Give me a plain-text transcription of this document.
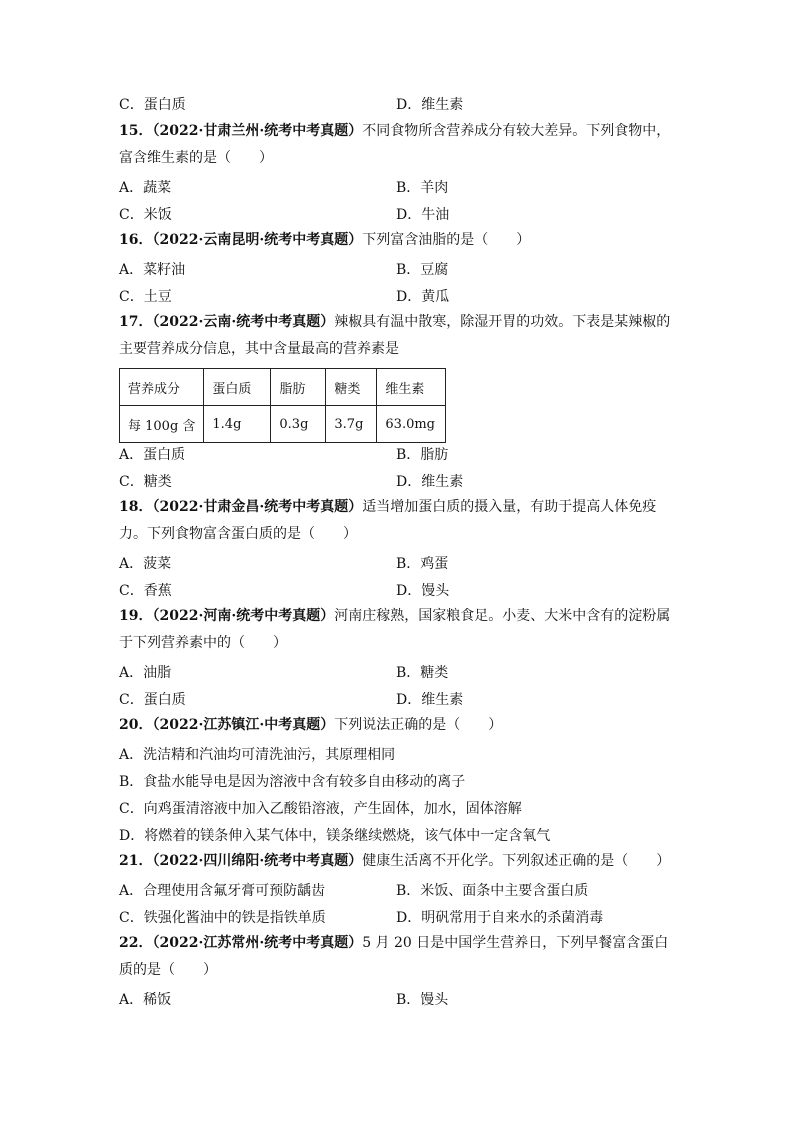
C．蛋白质	D．维生素
15．（2022·甘肃兰州·统考中考真题）不同食物所含营养成分有较大差异。下列食物中，富含维生素的是（　　）
A．蔬菜	B．羊肉
C．米饭	D．牛油
16．（2022·云南昆明·统考中考真题）下列富含油脂的是（　　）
A．菜籽油	B．豆腐
C．土豆	D．黄瓜
17．（2022·云南·统考中考真题）辣椒具有温中散寒，除湿开胃的功效。下表是某辣椒的主要营养成分信息，其中含量最高的营养素是
营养成分	蛋白质	脂肪	糖类	维生素
每 100g 含	1.4g	0.3g	3.7g	63.0mg
A．蛋白质	B．脂肪
C．糖类	D．维生素
18．（2022·甘肃金昌·统考中考真题）适当增加蛋白质的摄入量，有助于提高人体免疫力。下列食物富含蛋白质的是（　　）
A．菠菜	B．鸡蛋
C．香蕉	D．馒头
19．（2022·河南·统考中考真题）河南庄稼熟，国家粮食足。小麦、大米中含有的淀粉属于下列营养素中的（　　）
A．油脂	B．糖类
C．蛋白质	D．维生素
20．（2022·江苏镇江·中考真题）下列说法正确的是（　　）
A．洗洁精和汽油均可清洗油污，其原理相同
B．食盐水能导电是因为溶液中含有较多自由移动的离子
C．向鸡蛋清溶液中加入乙酸铅溶液，产生固体，加水，固体溶解
D．将燃着的镁条伸入某气体中，镁条继续燃烧，该气体中一定含氧气
21．（2022·四川绵阳·统考中考真题）健康生活离不开化学。下列叙述正确的是（　　）
A．合理使用含氟牙膏可预防龋齿	B．米饭、面条中主要含蛋白质
C．铁强化酱油中的铁是指铁单质	D．明矾常用于自来水的杀菌消毒
22．（2022·江苏常州·统考中考真题）5 月 20 日是中国学生营养日，下列早餐富含蛋白质的是（　　）
A．稀饭	B．馒头
